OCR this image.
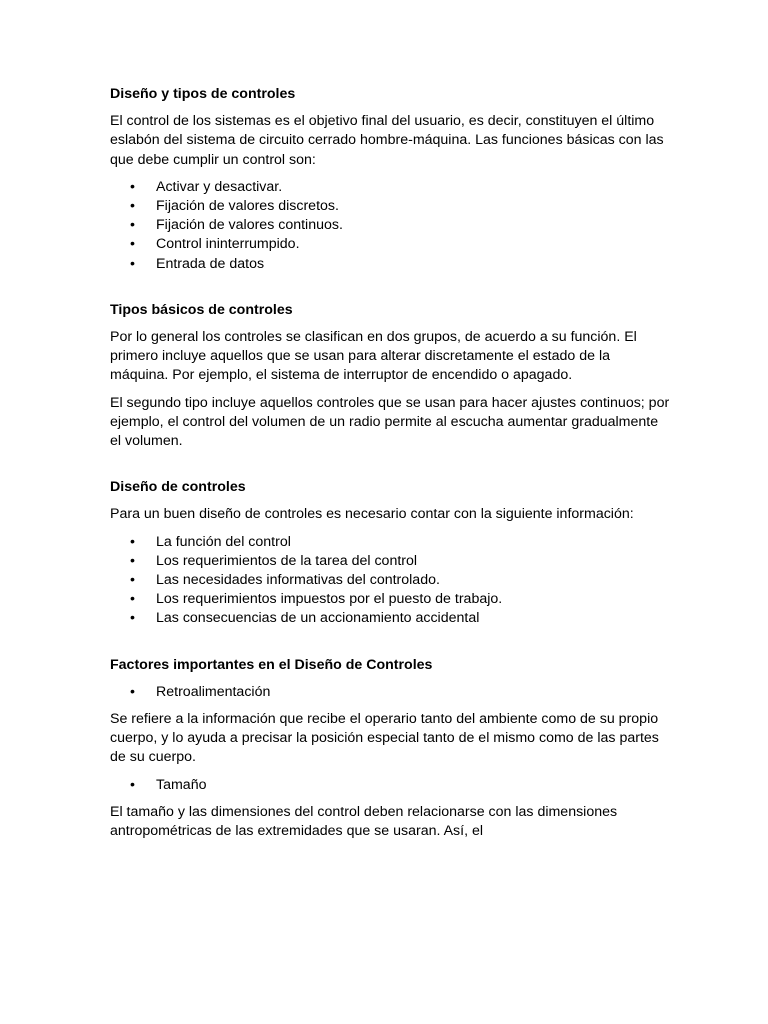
Diseño y tipos de controles

El control de los sistemas es el objetivo final del usuario, es decir, constituyen el último eslabón del sistema de circuito cerrado hombre-máquina. Las funciones básicas con las que debe cumplir un control son:

• Activar y desactivar.
• Fijación de valores discretos.
• Fijación de valores continuos.
• Control ininterrumpido.
• Entrada de datos
Tipos básicos de controles

Por lo general los controles se clasifican en dos grupos, de acuerdo a su función. El primero incluye aquellos que se usan para alterar discretamente el estado de la máquina. Por ejemplo, el sistema de interruptor de encendido o apagado.

El segundo tipo incluye aquellos controles que se usan para hacer ajustes continuos; por ejemplo, el control del volumen de un radio permite al escucha aumentar gradualmente el volumen.

Diseño de controles

Para un buen diseño de controles es necesario contar con la siguiente información:

• La función del control
• Los requerimientos de la tarea del control
• Las necesidades informativas del controlado.
• Los requerimientos impuestos por el puesto de trabajo.
• Las consecuencias de un accionamiento accidental
Factores importantes en el Diseño de Controles
• Retroalimentación

Se refiere a la información que recibe el operario tanto del ambiente como de su propio cuerpo, y lo ayuda a precisar la posición especial tanto de el mismo como de las partes de su cuerpo.

• Tamaño

El tamaño y las dimensiones del control deben relacionarse con las dimensiones antropométricas de las extremidades que se usaran. Así, el
